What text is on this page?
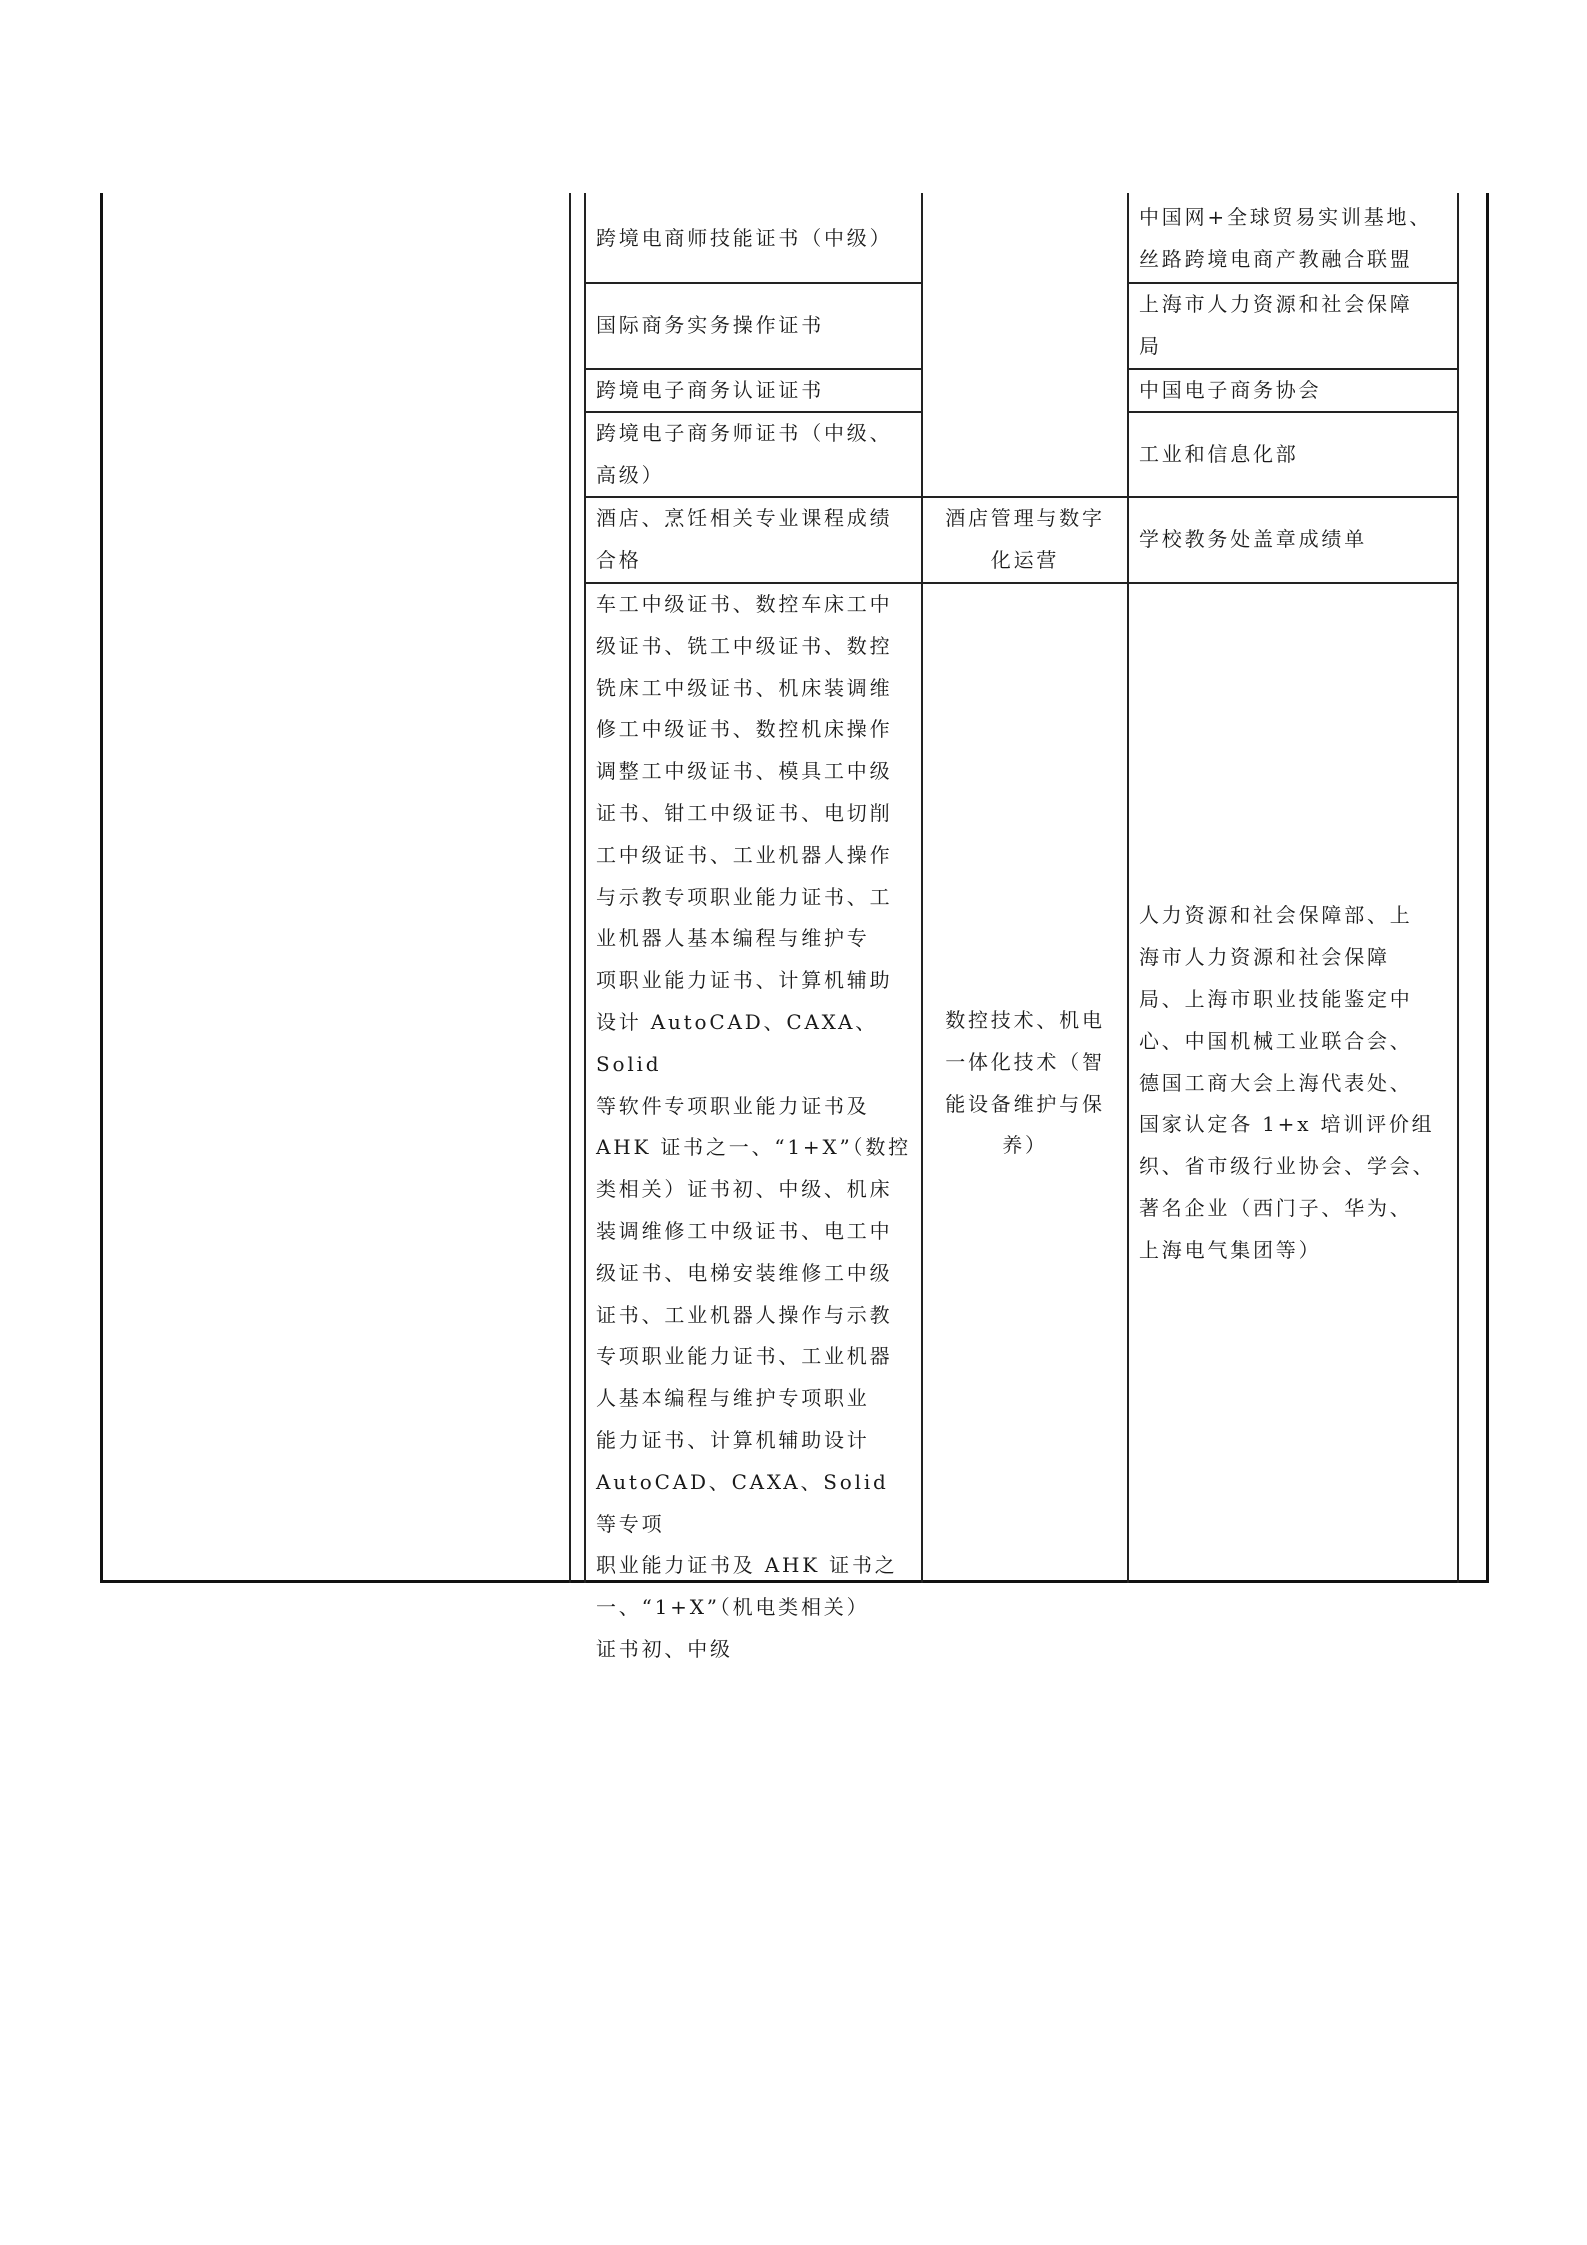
跨境电商师技能证书（中级）
中国网+全球贸易实训基地、
丝路跨境电商产教融合联盟
国际商务实务操作证书
上海市人力资源和社会保障
局
跨境电子商务认证证书	中国电子商务协会
跨境电子商务师证书（中级、
高级）
工业和信息化部
酒店、烹饪相关专业课程成绩
合格
酒店管理与数字
化运营
学校教务处盖章成绩单
车工中级证书、数控车床工中
级证书、铣工中级证书、数控
铣床工中级证书、机床装调维
修工中级证书、数控机床操作
调整工中级证书、模具工中级
证书、钳工中级证书、电切削
工中级证书、工业机器人操作
与示教专项职业能力证书、工
业机器人基本编程与维护专
项职业能力证书、计算机辅助
设计 AutoCAD、CAXA、Solid
等软件专项职业能力证书及
AHK 证书之一、“1+X”（数控
类相关）证书初、中级、机床
装调维修工中级证书、电工中
级证书、电梯安装维修工中级
证书、工业机器人操作与示教
专项职业能力证书、工业机器
人基本编程与维护专项职业
能力证书、计算机辅助设计
AutoCAD、CAXA、Solid 等专项
职业能力证书及 AHK 证书之
一、“1+X”（机电类相关）
证书初、中级
数控技术、机电
一体化技术（智
能设备维护与保
养）
人力资源和社会保障部、上
海市人力资源和社会保障
局、上海市职业技能鉴定中
心、中国机械工业联合会、
德国工商大会上海代表处、
国家认定各 1+x 培训评价组
织、省市级行业协会、学会、
著名企业（西门子、华为、
上海电气集团等）
